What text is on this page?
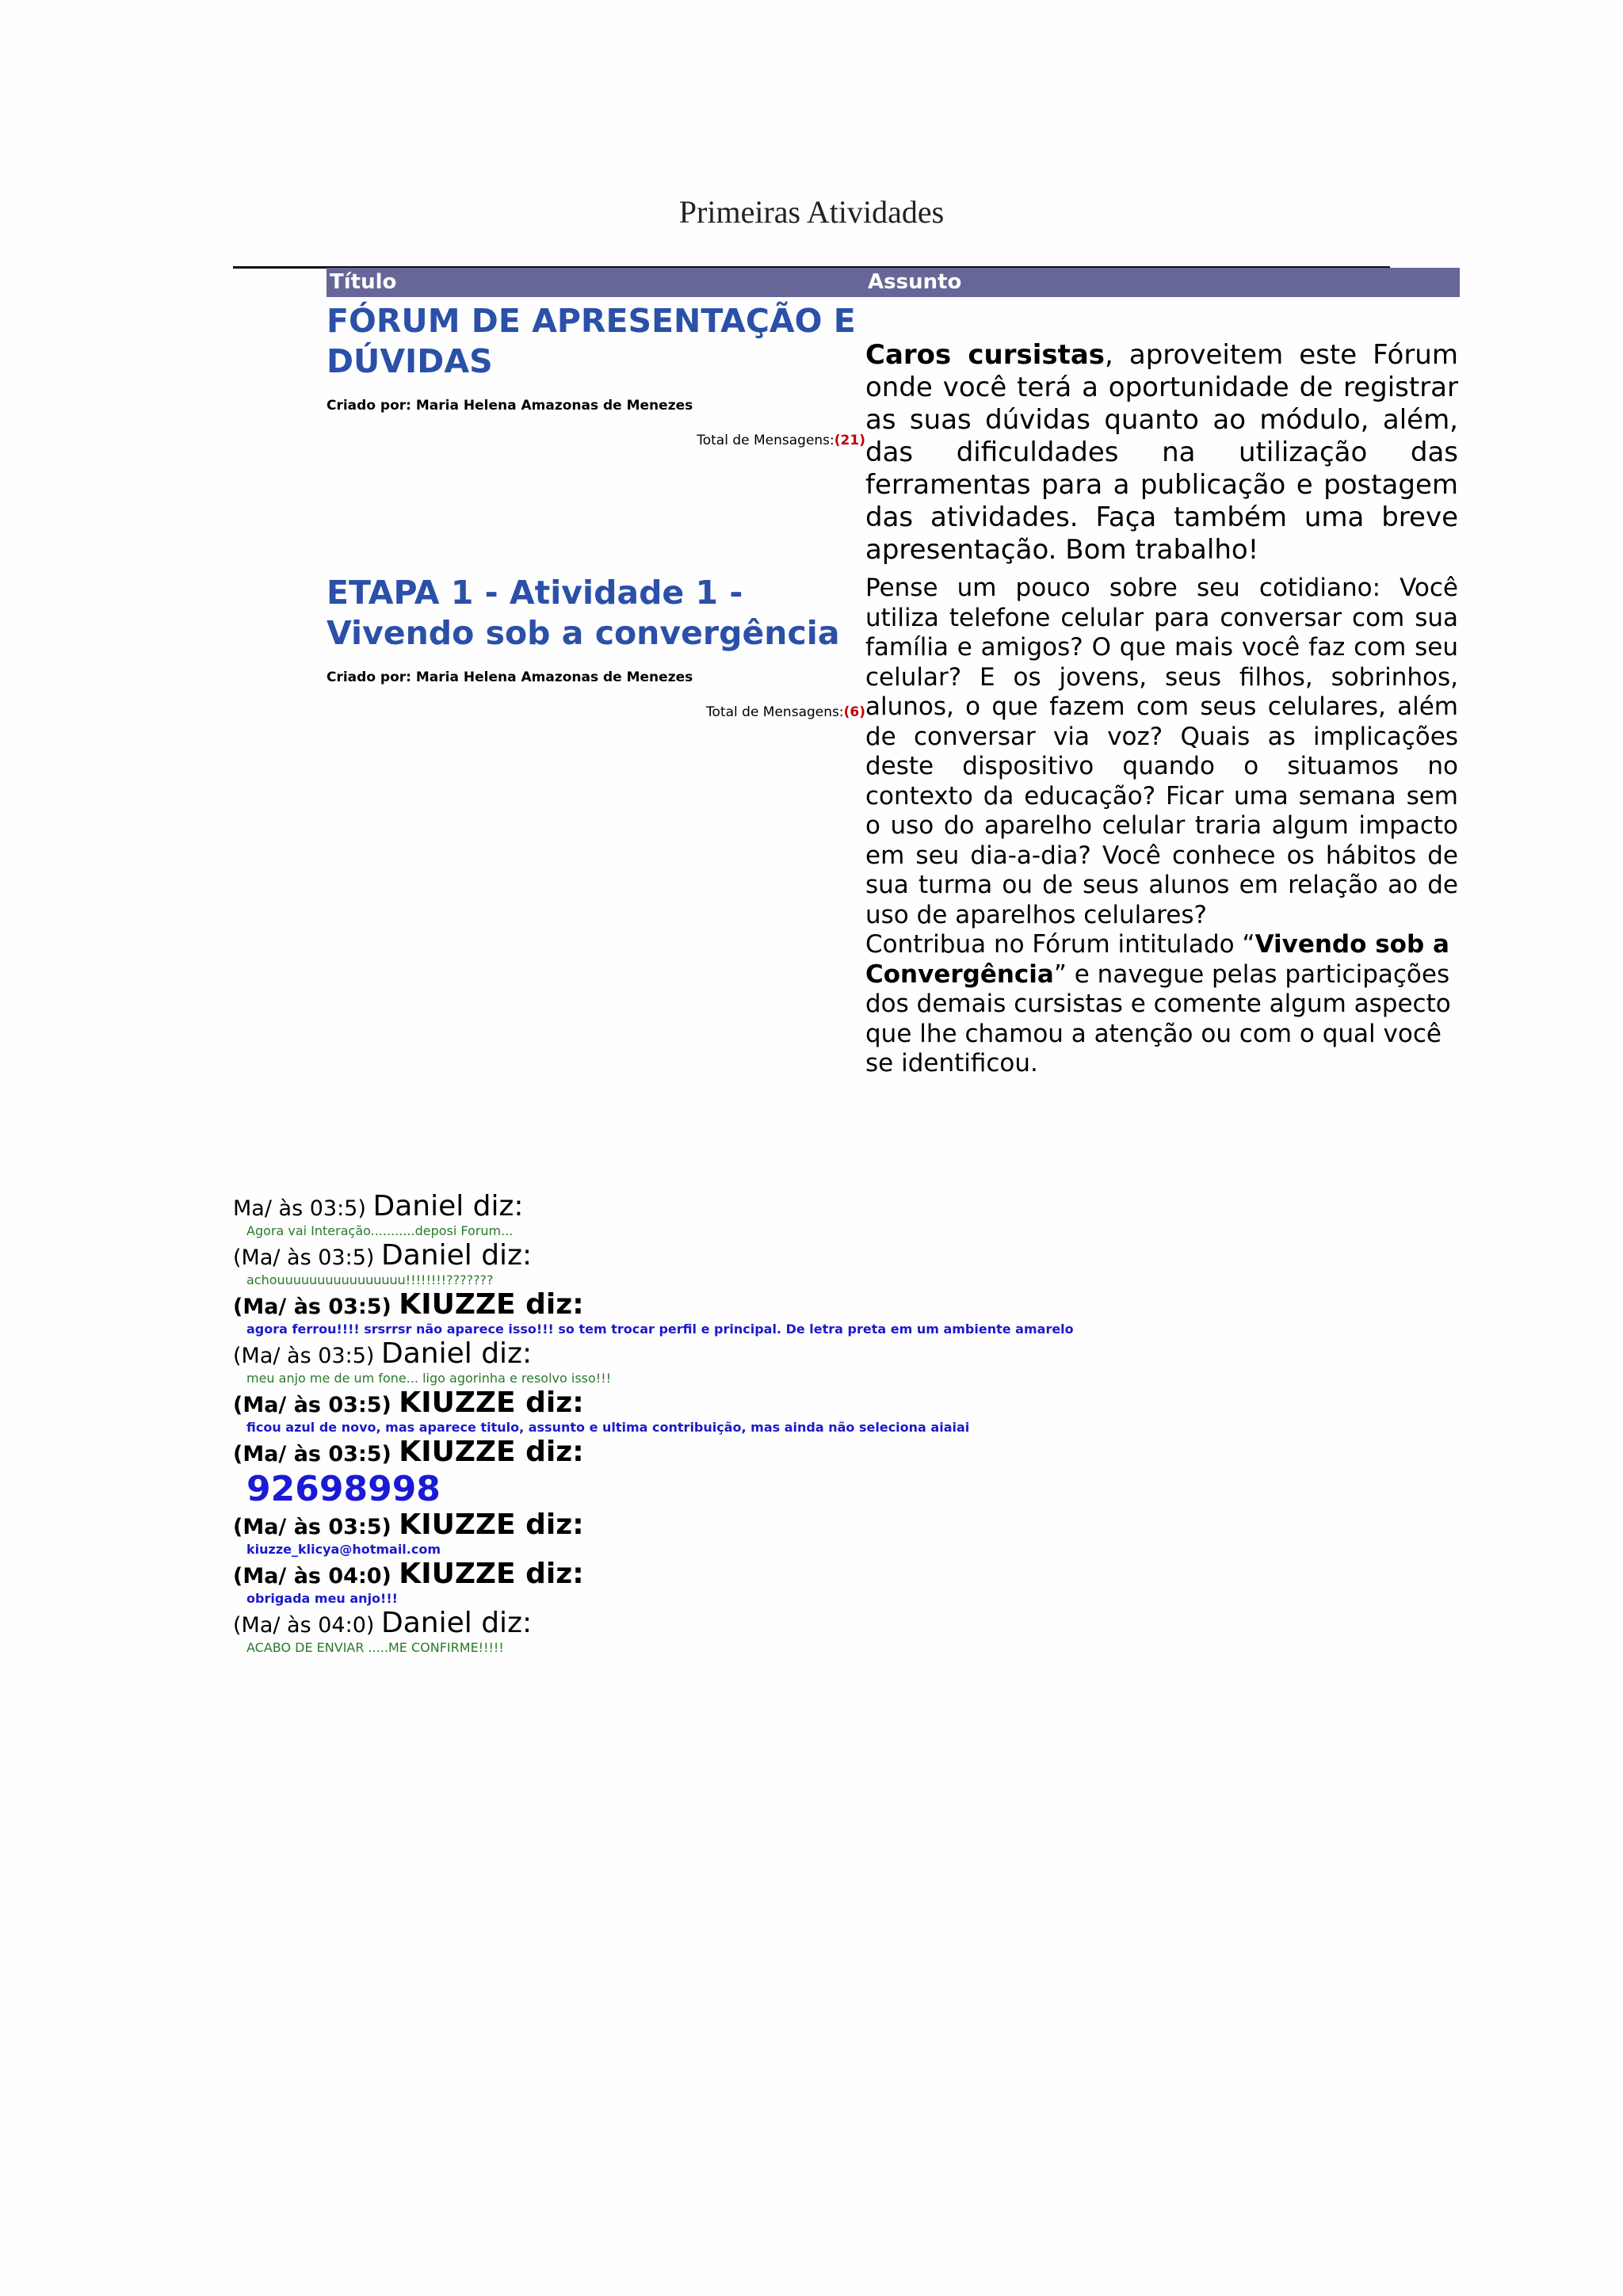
Primeiras Atividades
Título	Assunto

FÓRUM DE APRESENTAÇÃO E DÚVIDAS

Criado por: Maria Helena Amazonas de Menezes
Total de Mensagens:(21)
Caros cursistas, aproveitem este Fórum onde você terá a oportunidade de registrar as suas dúvidas quanto ao módulo, além, das dificuldades na utilização das ferramentas para a publicação e postagem das atividades. Faça também uma breve apresentação. Bom trabalho!

ETAPA 1 - Atividade 1 - Vivendo sob a convergência

Criado por: Maria Helena Amazonas de Menezes
Total de Mensagens:(6)
Pense um pouco sobre seu cotidiano: Você utiliza telefone celular para conversar com sua família e amigos? O que mais você faz com seu celular? E os jovens, seus filhos, sobrinhos, alunos, o que fazem com seus celulares, além de conversar via voz? Quais as implicações deste dispositivo quando o situamos no contexto da educação? Ficar uma semana sem o uso do aparelho celular traria algum impacto em seu dia-a-dia? Você conhece os hábitos de sua turma ou de seus alunos em relação ao de uso de aparelhos celulares?
Contribua no Fórum intitulado “Vivendo sob a Convergência” e navegue pelas participações dos demais cursistas e comente algum aspecto que lhe chamou a atenção ou com o qual você se identificou.
Ma/ às 03:5) Daniel diz:
Agora vai Interação...........deposi Forum...
(Ma/ às 03:5) Daniel diz:
achouuuuuuuuuuuuuuuu!!!!!!!!???????
(Ma/ às 03:5) KIUZZE diz:
agora ferrou!!!! srsrrsr não aparece isso!!! so tem trocar perfil e principal. De letra preta em um ambiente amarelo
(Ma/ às 03:5) Daniel diz:
meu anjo me de um fone... ligo agorinha e resolvo isso!!!
(Ma/ às 03:5) KIUZZE diz:
ficou azul de novo, mas aparece titulo, assunto e ultima contribuição, mas ainda não seleciona aiaiai
(Ma/ às 03:5) KIUZZE diz:
92698998
(Ma/ às 03:5) KIUZZE diz:
kiuzze_klicya@hotmail.com
(Ma/ às 04:0) KIUZZE diz:
obrigada meu anjo!!!
(Ma/ às 04:0) Daniel diz:
ACABO DE ENVIAR .....ME CONFIRME!!!!!
